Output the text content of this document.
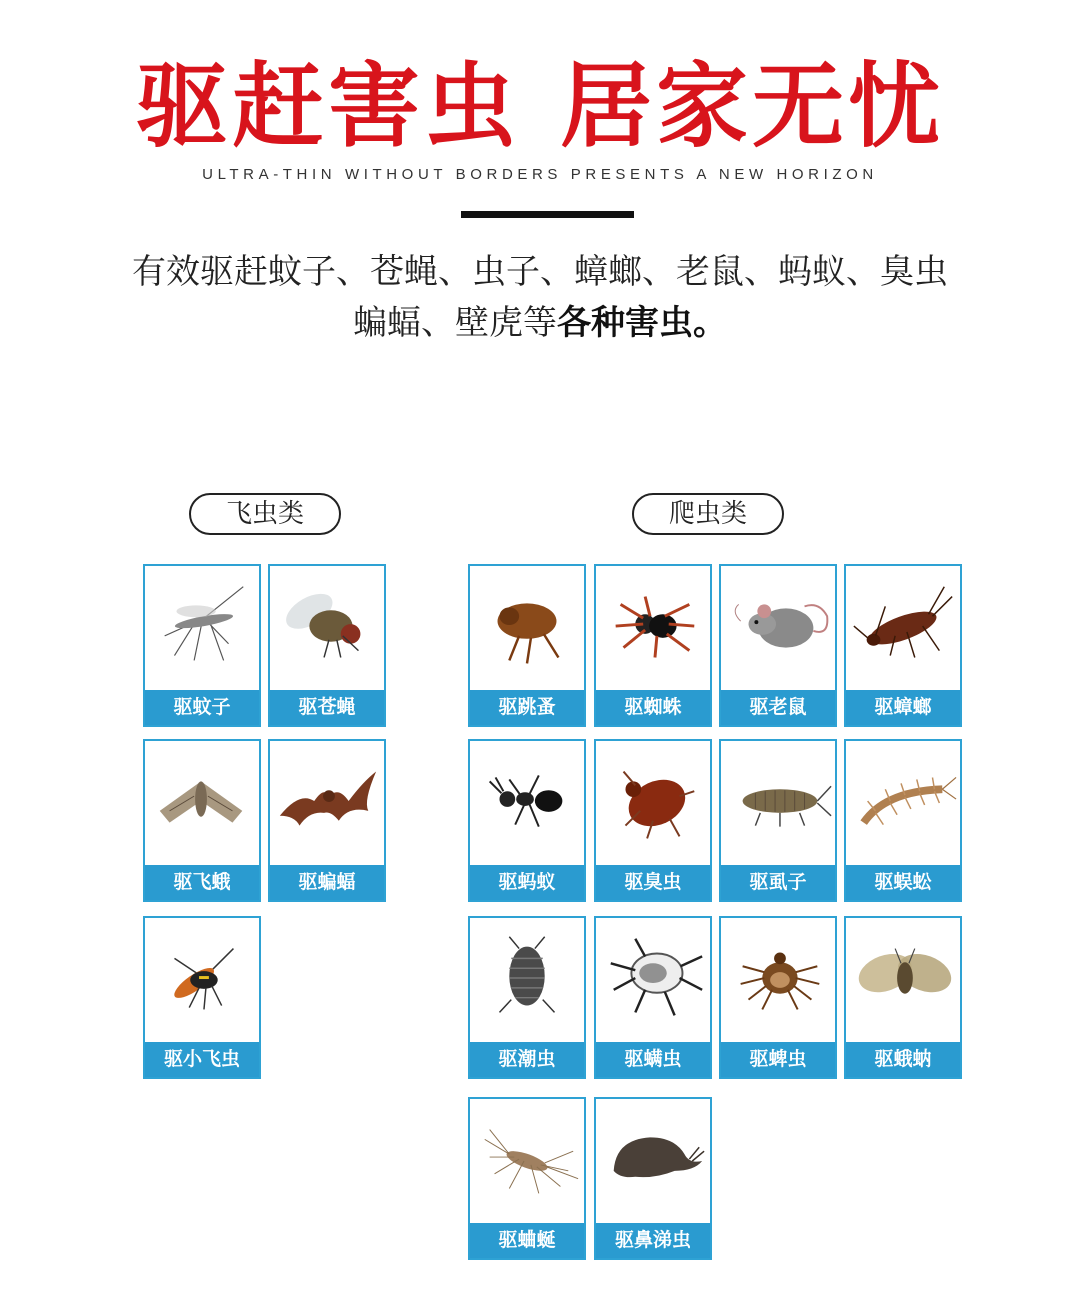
驱赶害虫 居家无忧
ULTRA-THIN WITHOUT BORDERS PRESENTS A NEW HORIZON
有效驱赶蚊子、苍蝇、虫子、蟑螂、老鼠、蚂蚁、臭虫
蝙蝠、壁虎等各种害虫。
飞虫类	爬虫类
驱蚊子	驱苍蝇
驱飞蛾	驱蝙蝠
驱小飞虫
驱跳蚤	驱蜘蛛	驱老鼠	驱蟑螂
驱蚂蚁	驱臭虫	驱虱子	驱蜈蚣
驱潮虫	驱螨虫	驱蜱虫	驱蛾蚋
驱蛐蜒	驱鼻涕虫
